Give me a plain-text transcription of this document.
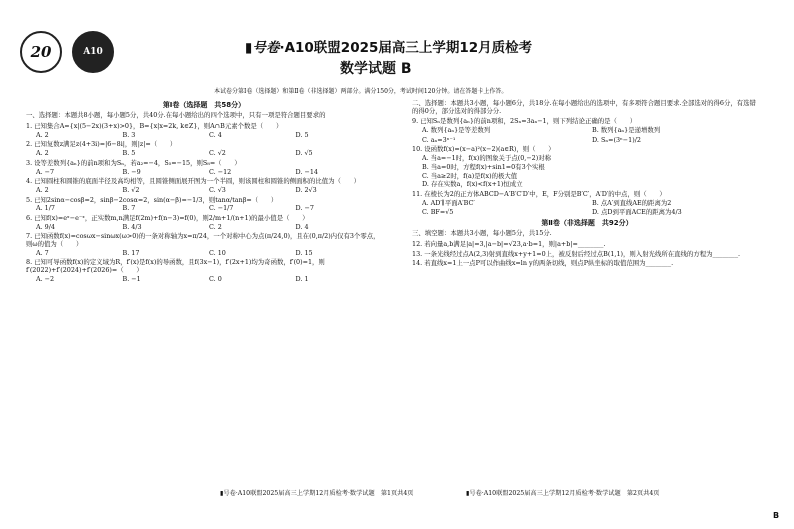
20	A10	▮号卷·A10联盟2025届高三上学期12月质检考
数学试题 B
本试卷分第Ⅰ卷（选择题）和第Ⅱ卷（非选择题）两部分。满分150分，考试时间120分钟。请在答题卡上作答。
第Ⅰ卷（选择题　共58分）
一、选择题：本题共8小题，每小题5分，共40分.在每小题给出的四个选项中，只有一项是符合题目要求的
1. 已知集合A={x|(5−2x)(3+x)>0}，B={x|x=2k, k∈Z}，则A∩B元素个数是（　　）
A. 2	B. 3	C. 4	D. 5
2. 已知复数z满足z(4+3i)=|6−8i|，则|z|=（　　）
A. 2	B. 5	C. √2	D. √5
3. 设等差数列{aₙ}的前n项和为Sₙ，若a₂=−4，S₅=−15，则S₈=（　　）
A. −7	B. −9	C. −12	D. −14
4. 已知圆柱和圆锥的底面半径及高均相等，且圆锥侧面展开图为一个半圆，则该圆柱和圆锥的侧面积的比值为（　　）
A. 2	B. √2	C. √3	D. 2√3
5. 已知2sinα−cosβ=2，sinβ−2cosα=2，sin(α−β)=−1/3，则tanα/tanβ=（　　）
A. 1/7	B. 7	C. −1/7	D. −7
6. 已知f(x)=eˣ−e⁻ˣ，正实数m,n满足f(2m)+f(n−3)=f(0)，则2/m+1/(n+1)的最小值是（　　）
A. 9/4	B. 4/3	C. 2	D. 4
7. 已知函数f(x)=cosωx−sinωx(ω>0)的一条对称轴为x=π/24，一个对称中心为点(π/24,0)，且在(0,π/2)内仅有3个零点，则ω的值为（　　）
A. 7	B. 17	C. 10	D. 15
8. 已知可导函数f(x)的定义域为R，f′(x)是f(x)的导函数，且f(3x−1)，f′(2x+1)均为奇函数，f′(0)=1，则f′(2022)+f′(2024)+f′(2026)=（　　）
A. −2	B. −1	C. 0	D. 1
二、选择题：本题共3小题，每小题6分，共18分.在每小题给出的选项中，有多项符合题目要求.全部选对的得6分，有选错的得0分，部分选对的得部分分.
9. 已知Sₙ是数列{aₙ}的前n项和，2Sₙ=3aₙ−1，则下列结论正确的是（　　）
A. 数列{aₙ}是等差数列	B. 数列{aₙ}是递增数列
C. aₙ=3ⁿ⁻¹	D. Sₙ=(3ⁿ−1)/2
10. 设函数f(x)=(x−a)²(x−2)(a∈R)，则（　　）
A. 当a=−1时，f(x)的图象关于点(0,−2)对称
B. 当a=0时，方程f(x)+sin1=0有3个实根
C. 当a≥2时，f(a)是f(x)的极大值
D. 存在实数a，f(x)<f(x+1)恒成立
11. 在棱长为2的正方体ABCD−A′B′C′D′中，E，F分别是B′C′，A′D′的中点，则（　　）
A. AD′∥平面A′BC′	B. 点A′到直线AE的距离为2
C. BF=√5	D. 点D到平面ACE的距离为4/3
第Ⅱ卷（非选择题　共92分）
三、填空题：本题共3小题，每小题5分，共15分.
12. 若向量a,b满足|a|=3,|a−b|=√23,a·b=1，则|a+b|=________.
13. 一条光线经过点A(2,3)射到直线x+y+1=0上，被反射后经过点B(1,1)，则入射光线所在直线的方程为________.
14. 若直线x=1上一点P可以作曲线x=ln y的两条切线，则点P纵坐标的取值范围为________.
▮号卷·A10联盟2025届高三上学期12月质检考·数学试题　第1页共4页	▮号卷·A10联盟2025届高三上学期12月质检考·数学试题　第2页共4页
B
